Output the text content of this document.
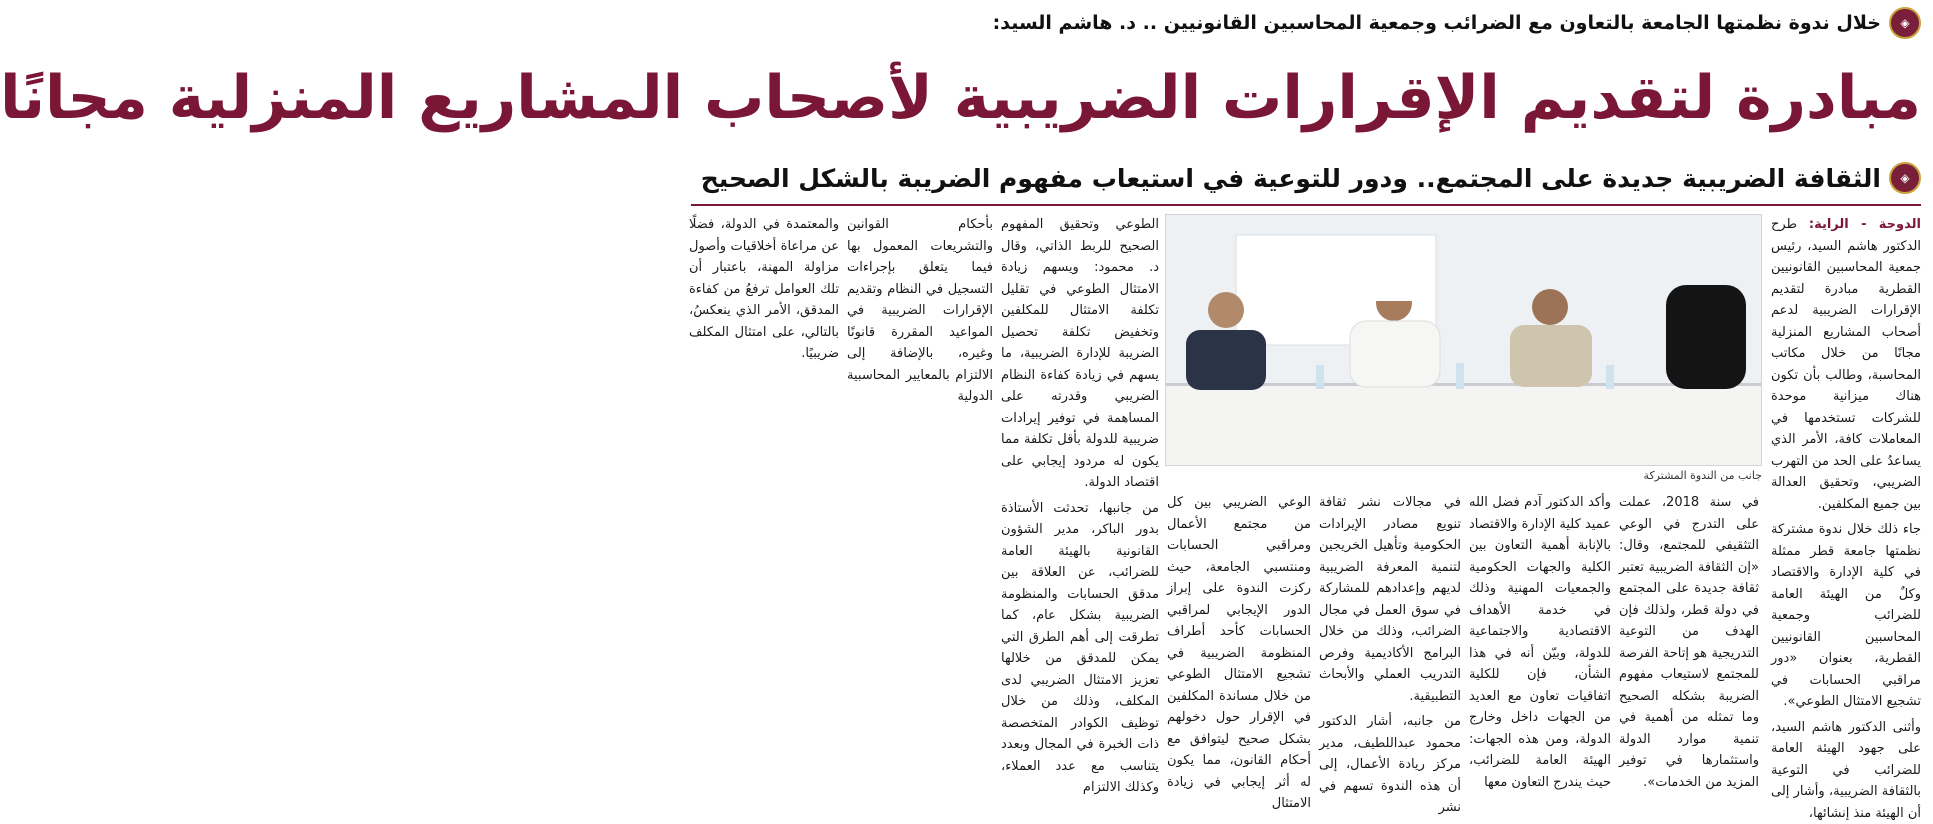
◈
خلال ندوة نظمتها الجامعة بالتعاون مع الضرائب وجمعية المحاسبين القانونيين .. د. هاشم السيد:
مبادرة لتقديم الإقرارات الضريبية لأصحاب المشاريع المنزلية مجانًا
◈
الثقافة الضريبية جديدة على المجتمع.. ودور للتوعية في استيعاب مفهوم الضريبة بالشكل الصحيح

الدوحة - الراية: طرح الدكتور هاشم السيد، رئيس جمعية المحاسبين القانونيين القطرية مبادرة لتقديم الإقرارات الضريبية لدعم أصحاب المشاريع المنزلية مجانًا من خلال مكاتب المحاسبة، وطالب بأن تكون هناك ميزانية موحدة للشركات تستخدمها في المعاملات كافة، الأمر الذي يساعدُ على الحد من التهرب الضريبي، وتحقيق العدالة بين جميع المكلفين.

جاء ذلك خلال ندوة مشتركة نظمتها جامعة قطر ممثلة في كلية الإدارة والاقتصاد وكلٌ من الهيئة العامة للضرائب وجمعية المحاسبين القانونيين القطرية، بعنوان «دور مراقبي الحسابات في تشجيع الامتثال الطوعي».

وأثنى الدكتور هاشم السيد، على جهود الهيئة العامة للضرائب في التوعية بالثقافة الضريبية، وأشار إلى أن الهيئة منذ إنشائها،

جانب من الندوة المشتركة

الطوعي وتحقيق المفهوم الصحيح للربط الذاتي، وقال د. محمود: ويسهم زيادة الامتثال الطوعي في تقليل تكلفة الامتثال للمكلفين وتخفيض تكلفة تحصيل الضريبة للإدارة الضريبية، ما يسهم في زيادة كفاءة النظام الضريبي وقدرته على المساهمة في توفير إيرادات ضريبية للدولة بأقل تكلفة مما يكون له مردود إيجابي على اقتصاد الدولة.

من جانبها، تحدثت الأستاذة بدور الباكر، مدير الشؤون القانونية بالهيئة العامة للضرائب، عن العلاقة بين مدقق الحسابات والمنظومة الضريبية بشكل عام، كما تطرقت إلى أهم الطرق التي يمكن للمدقق من خلالها تعزيز الامتثال الضريبي لدى المكلف، وذلك من خلال توظيف الكوادر المتخصصة ذات الخبرة في المجال وبعدد يتناسب مع عدد العملاء، وكذلك الالتزام

بأحكام القوانين والتشريعات المعمول بها فيما يتعلق بإجراءات التسجيل في النظام وتقديم الإقرارات الضريبية في المواعيد المقررة قانونًا وغيره، بالإضافة إلى الالتزام بالمعايير المحاسبية الدولية

والمعتمدة في الدولة، فضلًا عن مراعاة أخلاقيات وأصول مزاولة المهنة، باعتبار أن تلك العوامل ترفعُ من كفاءة المدقق، الأمر الذي ينعكسُ، بالتالي، على امتثال المكلف ضريبيًا.

في سنة 2018، عملت على التدرج في الوعي التثقيفي للمجتمع، وقال: «إن الثقافة الضريبية تعتبر ثقافة جديدة على المجتمع في دولة قطر، ولذلك فإن الهدف من التوعية التدريجية هو إتاحة الفرصة للمجتمع لاستيعاب مفهوم الضريبة بشكله الصحيح وما تمثله من أهمية في تنمية موارد الدولة واستثمارها في توفير المزيد من الخدمات».

وأكد الدكتور آدم فضل الله عميد كلية الإدارة والاقتصاد بالإنابة أهمية التعاون بين الكلية والجهات الحكومية والجمعيات المهنية وذلك في خدمة الأهداف الاقتصادية والاجتماعية للدولة، وبيّن أنه في هذا الشأن، فإن للكلية اتفاقيات تعاون مع العديد من الجهات داخل وخارج الدولة، ومن هذه الجهات: الهيئة العامة للضرائب، حيث يندرج التعاون معها

في مجالات نشر ثقافة تنويع مصادر الإيرادات الحكومية وتأهيل الخريجين لتنمية المعرفة الضريبية لديهم وإعدادهم للمشاركة في سوق العمل في مجال الضرائب، وذلك من خلال البرامج الأكاديمية وفرص التدريب العملي والأبحاث التطبيقية.

من جانبه، أشار الدكتور محمود عبداللطيف، مدير مركز ريادة الأعمال، إلى أن هذه الندوة تسهم في نشر

الوعي الضريبي بين كل من مجتمع الأعمال ومراقبي الحسابات ومنتسبي الجامعة، حيث ركزت الندوة على إبراز الدور الإيجابي لمراقبي الحسابات كأحد أطراف المنظومة الضريبية في تشجيع الامتثال الطوعي من خلال مساندة المكلفين في الإقرار حول دخولهم بشكل صحيح ليتوافق مع أحكام القانون، مما يكون له أثر إيجابي في زيادة الامتثال
